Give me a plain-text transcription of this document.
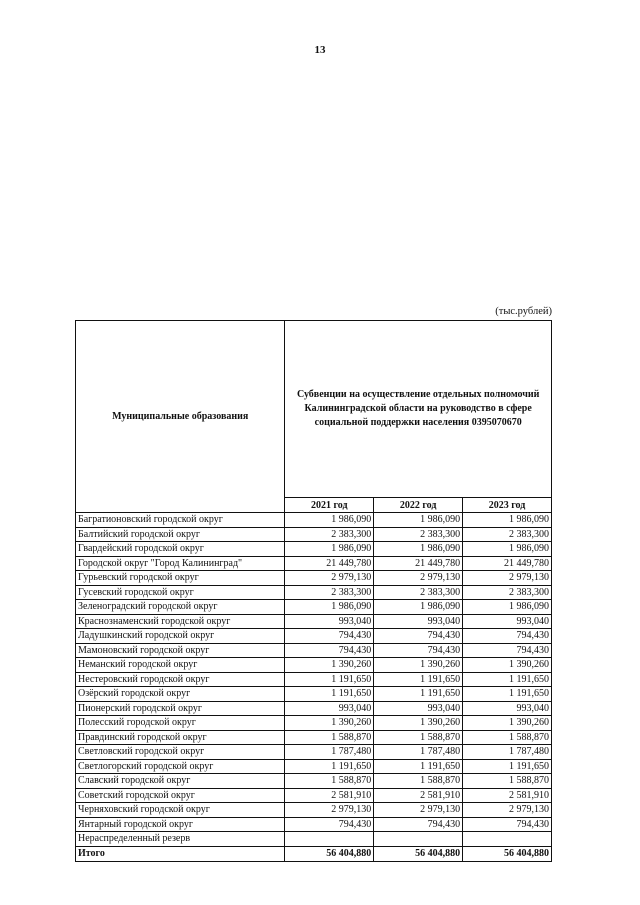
13
(тыс.рублей)
Муниципальные образования	Субвенции на осуществление отдельных полномочий Калининградской области на руководство в сфере социальной поддержки населения 0395070670		

	2021 год	2022 год	2023 год
Багратионовский городской округ	1 986,090	1 986,090	1 986,090
Балтийский городской округ	2 383,300	2 383,300	2 383,300
Гвардейский городской округ	1 986,090	1 986,090	1 986,090
Городской округ "Город Калининград"	21 449,780	21 449,780	21 449,780
Гурьевский городской округ	2 979,130	2 979,130	2 979,130
Гусевский городской округ	2 383,300	2 383,300	2 383,300
Зеленоградский городской округ	1 986,090	1 986,090	1 986,090
Краснознаменский городской округ	993,040	993,040	993,040
Ладушкинский городской округ	794,430	794,430	794,430
Мамоновский городской округ	794,430	794,430	794,430
Неманский городской округ	1 390,260	1 390,260	1 390,260
Нестеровский городской округ	1 191,650	1 191,650	1 191,650
Озёрский городской округ	1 191,650	1 191,650	1 191,650
Пионерский городской округ	993,040	993,040	993,040
Полесский городской округ	1 390,260	1 390,260	1 390,260
Правдинский городской округ	1 588,870	1 588,870	1 588,870
Светловский городской округ	1 787,480	1 787,480	1 787,480
Светлогорский городской округ	1 191,650	1 191,650	1 191,650
Славский городской округ	1 588,870	1 588,870	1 588,870
Советский городской округ	2 581,910	2 581,910	2 581,910
Черняховский городской округ	2 979,130	2 979,130	2 979,130
Янтарный городской округ	794,430	794,430	794,430
Нераспределенный резерв			
Итого	56 404,880	56 404,880	56 404,880
